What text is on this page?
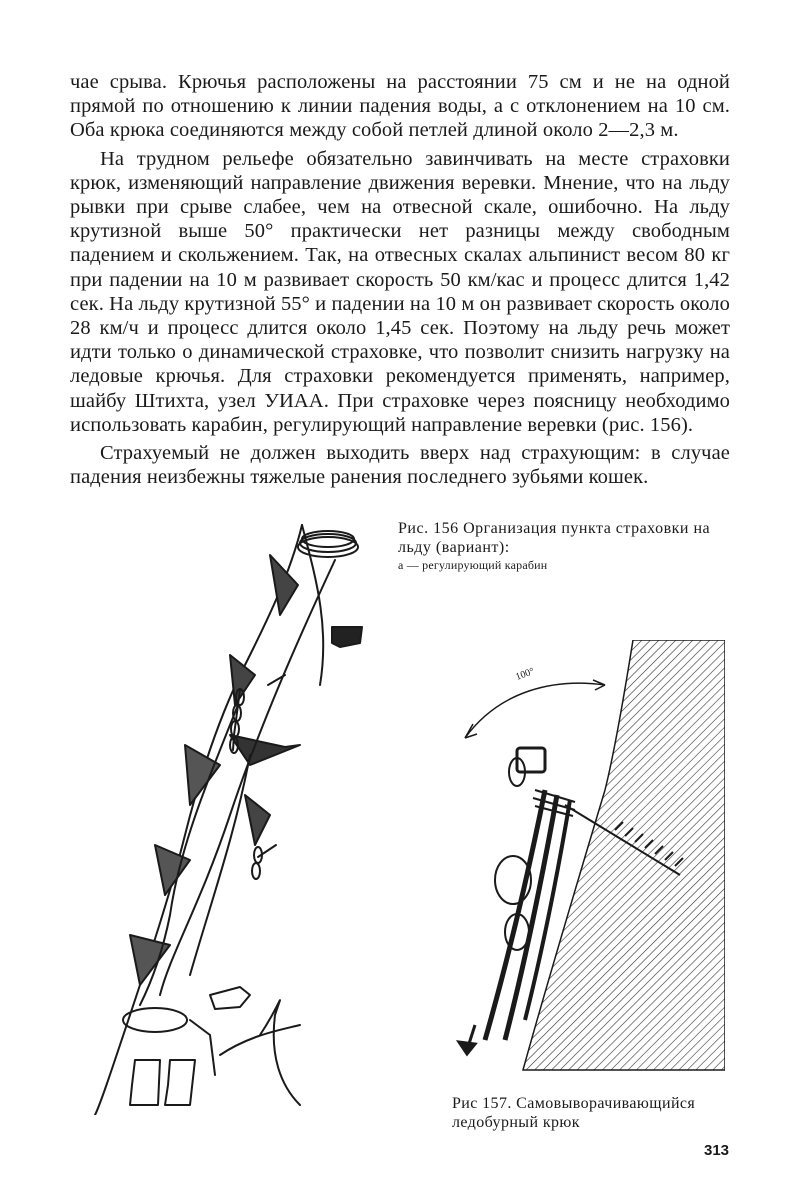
чае срыва. Крючья расположены на расстоянии 75 см и не на одной прямой по отношению к линии падения воды, а с отклонением на 10 см. Оба крюка соединяются между собой петлей длиной около 2—2,3 м.

На трудном рельефе обязательно завинчивать на месте страховки крюк, изменяющий направление движения веревки. Мнение, что на льду рывки при срыве слабее, чем на отвесной скале, ошибочно. На льду крутизной выше 50° практически нет разницы между свободным падением и скольжением. Так, на отвесных скалах альпинист весом 80 кг при падении на 10 м развивает скорость 50 км/кас и процесс длится 1,42 сек. На льду крутизной 55° и падении на 10 м он развивает скорость около 28 км/ч и процесс длится около 1,45 сек. Поэтому на льду речь может идти только о динамической страховке, что позволит снизить нагрузку на ледовые крючья. Для страховки рекомендуется применять, например, шайбу Штихта, узел УИАА. При страховке через поясницу необходимо использовать карабин, регулирующий направление веревки (рис. 156).

Страхуемый не должен выходить вверх над страхующим: в случае падения неизбежны тяжелые ранения последнего зубьями кошек.

Рис. 156 Организация пункта страховки на льду (вариант):
а — регулирующий карабин
100°
Рис 157. Самовыворачивающийся ледобурный крюк
313
